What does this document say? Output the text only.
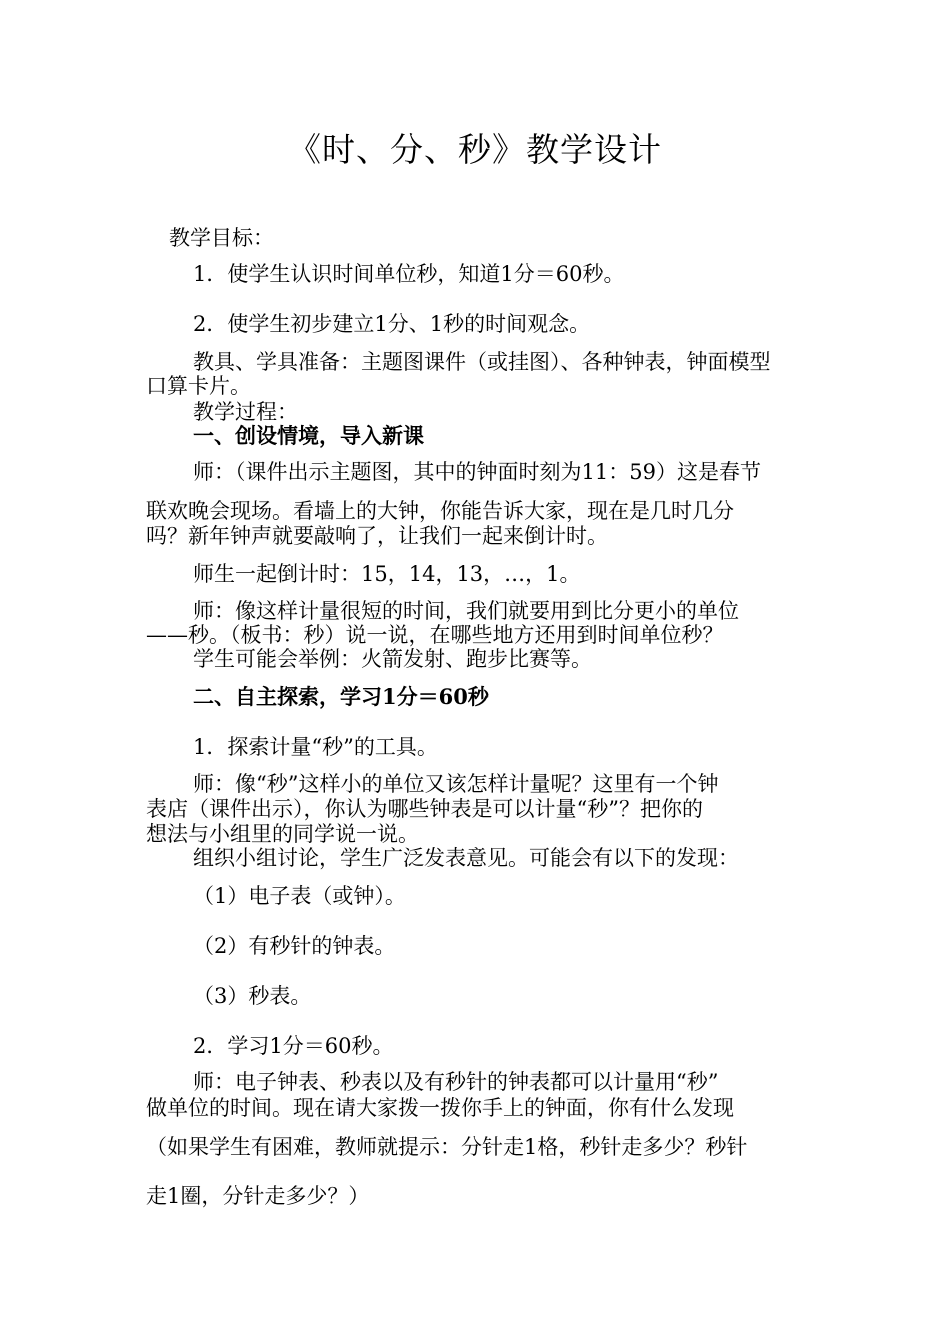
《时、分、秒》教学设计
教学目标：
1．使学生认识时间单位秒，知道1分＝60秒。
2．使学生初步建立1分、1秒的时间观念。
教具、学具准备：主题图课件（或挂图）、各种钟表，钟面模型
口算卡片。
教学过程：
一、创设情境，导入新课
师：（课件出示主题图，其中的钟面时刻为11：59）这是春节
联欢晚会现场。看墙上的大钟，你能告诉大家，现在是几时几分
吗？新年钟声就要敲响了，让我们一起来倒计时。
师生一起倒计时：15，14，13，…，1。
师：像这样计量很短的时间，我们就要用到比分更小的单位
——秒。（板书：秒）说一说，在哪些地方还用到时间单位秒？
学生可能会举例：火箭发射、跑步比赛等。
二、自主探索，学习1分＝60秒
1．探索计量“秒”的工具。
师：像“秒”这样小的单位又该怎样计量呢？这里有一个钟
表店（课件出示），你认为哪些钟表是可以计量“秒”？把你的
想法与小组里的同学说一说。
组织小组讨论，学生广泛发表意见。可能会有以下的发现：
（1）电子表（或钟）。
（2）有秒针的钟表。
（3）秒表。
2．学习1分＝60秒。
师：电子钟表、秒表以及有秒针的钟表都可以计量用“秒”
做单位的时间。现在请大家拨一拨你手上的钟面，你有什么发现
（如果学生有困难，教师就提示：分针走1格，秒针走多少？秒针
走1圈，分针走多少？）
